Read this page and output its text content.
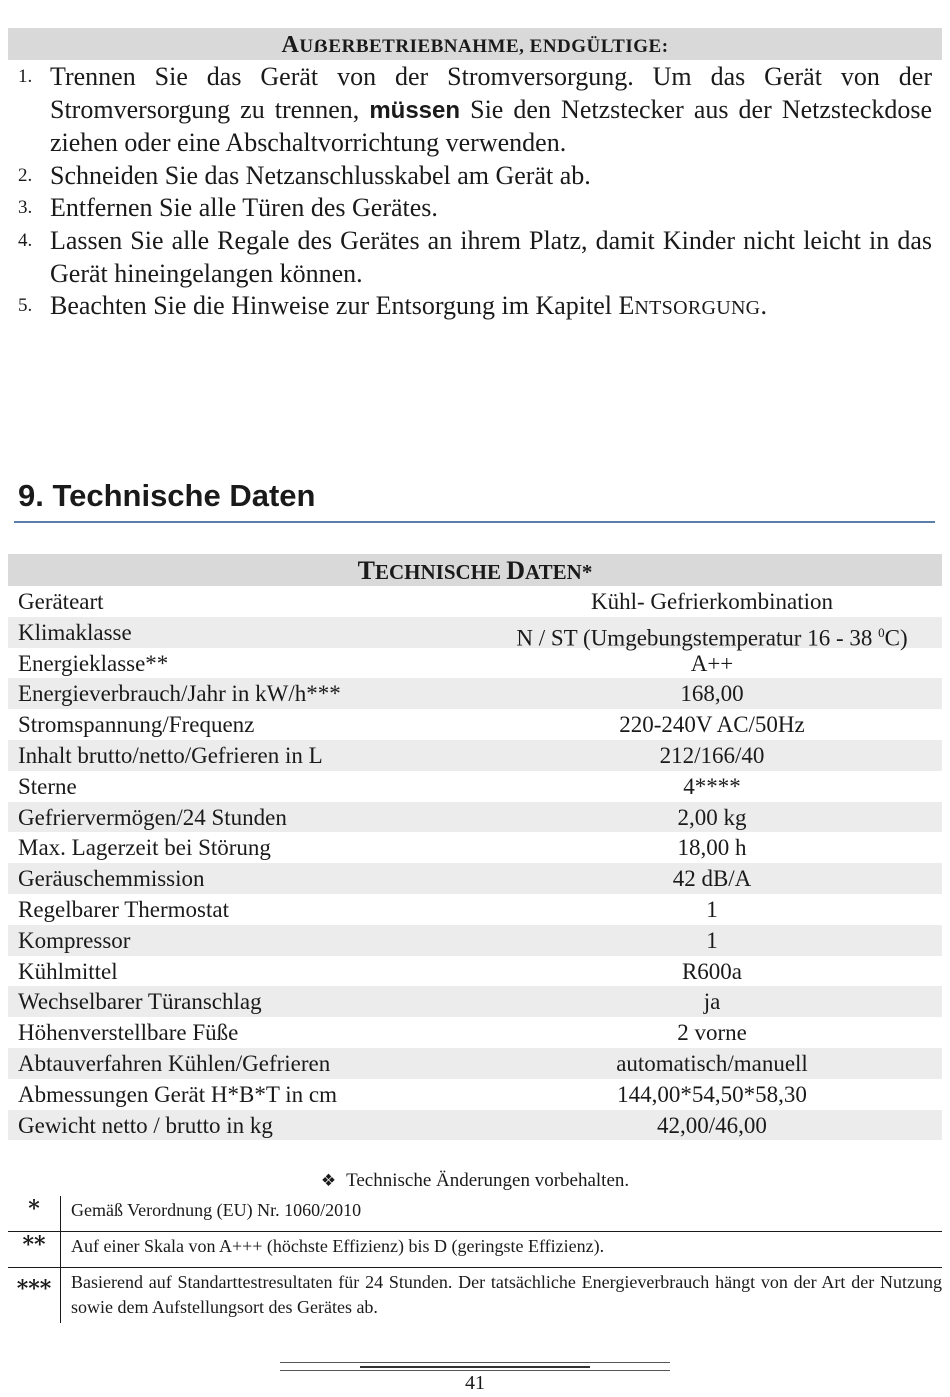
AUẞERBETRIEBNAHME, ENDGÜLTIGE:
1. Trennen Sie das Gerät von der Stromversorgung. Um das Gerät von der Stromversorgung zu trennen, müssen Sie den Netzstecker aus der Netzsteckdose ziehen oder eine Abschaltvorrichtung verwenden.
2. Schneiden Sie das Netzanschlusskabel am Gerät ab.
3. Entfernen Sie alle Türen des Gerätes.
4. Lassen Sie alle Regale des Gerätes an ihrem Platz, damit Kinder nicht leicht in das Gerät hineingelangen können.
5. Beachten Sie die Hinweise zur Entsorgung im Kapitel ENTSORGUNG.
9. Technische Daten
TECHNISCHE DATEN*
Geräteart	Kühl- Gefrierkombination
Klimaklasse	N / ST (Umgebungstemperatur 16 - 38 $^0$C)
Energieklasse**	A++
Energieverbrauch/Jahr in kW/h***	168,00
Stromspannung/Frequenz	220-240V AC/50Hz
Inhalt brutto/netto/Gefrieren in L	212/166/40
Sterne	4****
Gefriervermögen/24 Stunden	2,00 kg
Max. Lagerzeit bei Störung	18,00 h
Geräuschemmission	42 dB/A
Regelbarer Thermostat	1
Kompressor	1
Kühlmittel	R600a
Wechselbarer Türanschlag	ja
Höhenverstellbare Füße	2 vorne
Abtauverfahren Kühlen/Gefrieren	automatisch/manuell
Abmessungen Gerät H*B*T in cm	144,00*54,50*58,30
Gewicht netto / brutto in kg	42,00/46,00
❖ Technische Änderungen vorbehalten.
*	Gemäß Verordnung (EU) Nr. 1060/2010
**	Auf einer Skala von A+++ (höchste Effizienz) bis D (geringste Effizienz).
***	Basierend auf Standarttestresultaten für 24 Stunden. Der tatsächliche Energieverbrauch hängt von der Art der Nutzung sowie dem Aufstellungsort des Gerätes ab.
41
